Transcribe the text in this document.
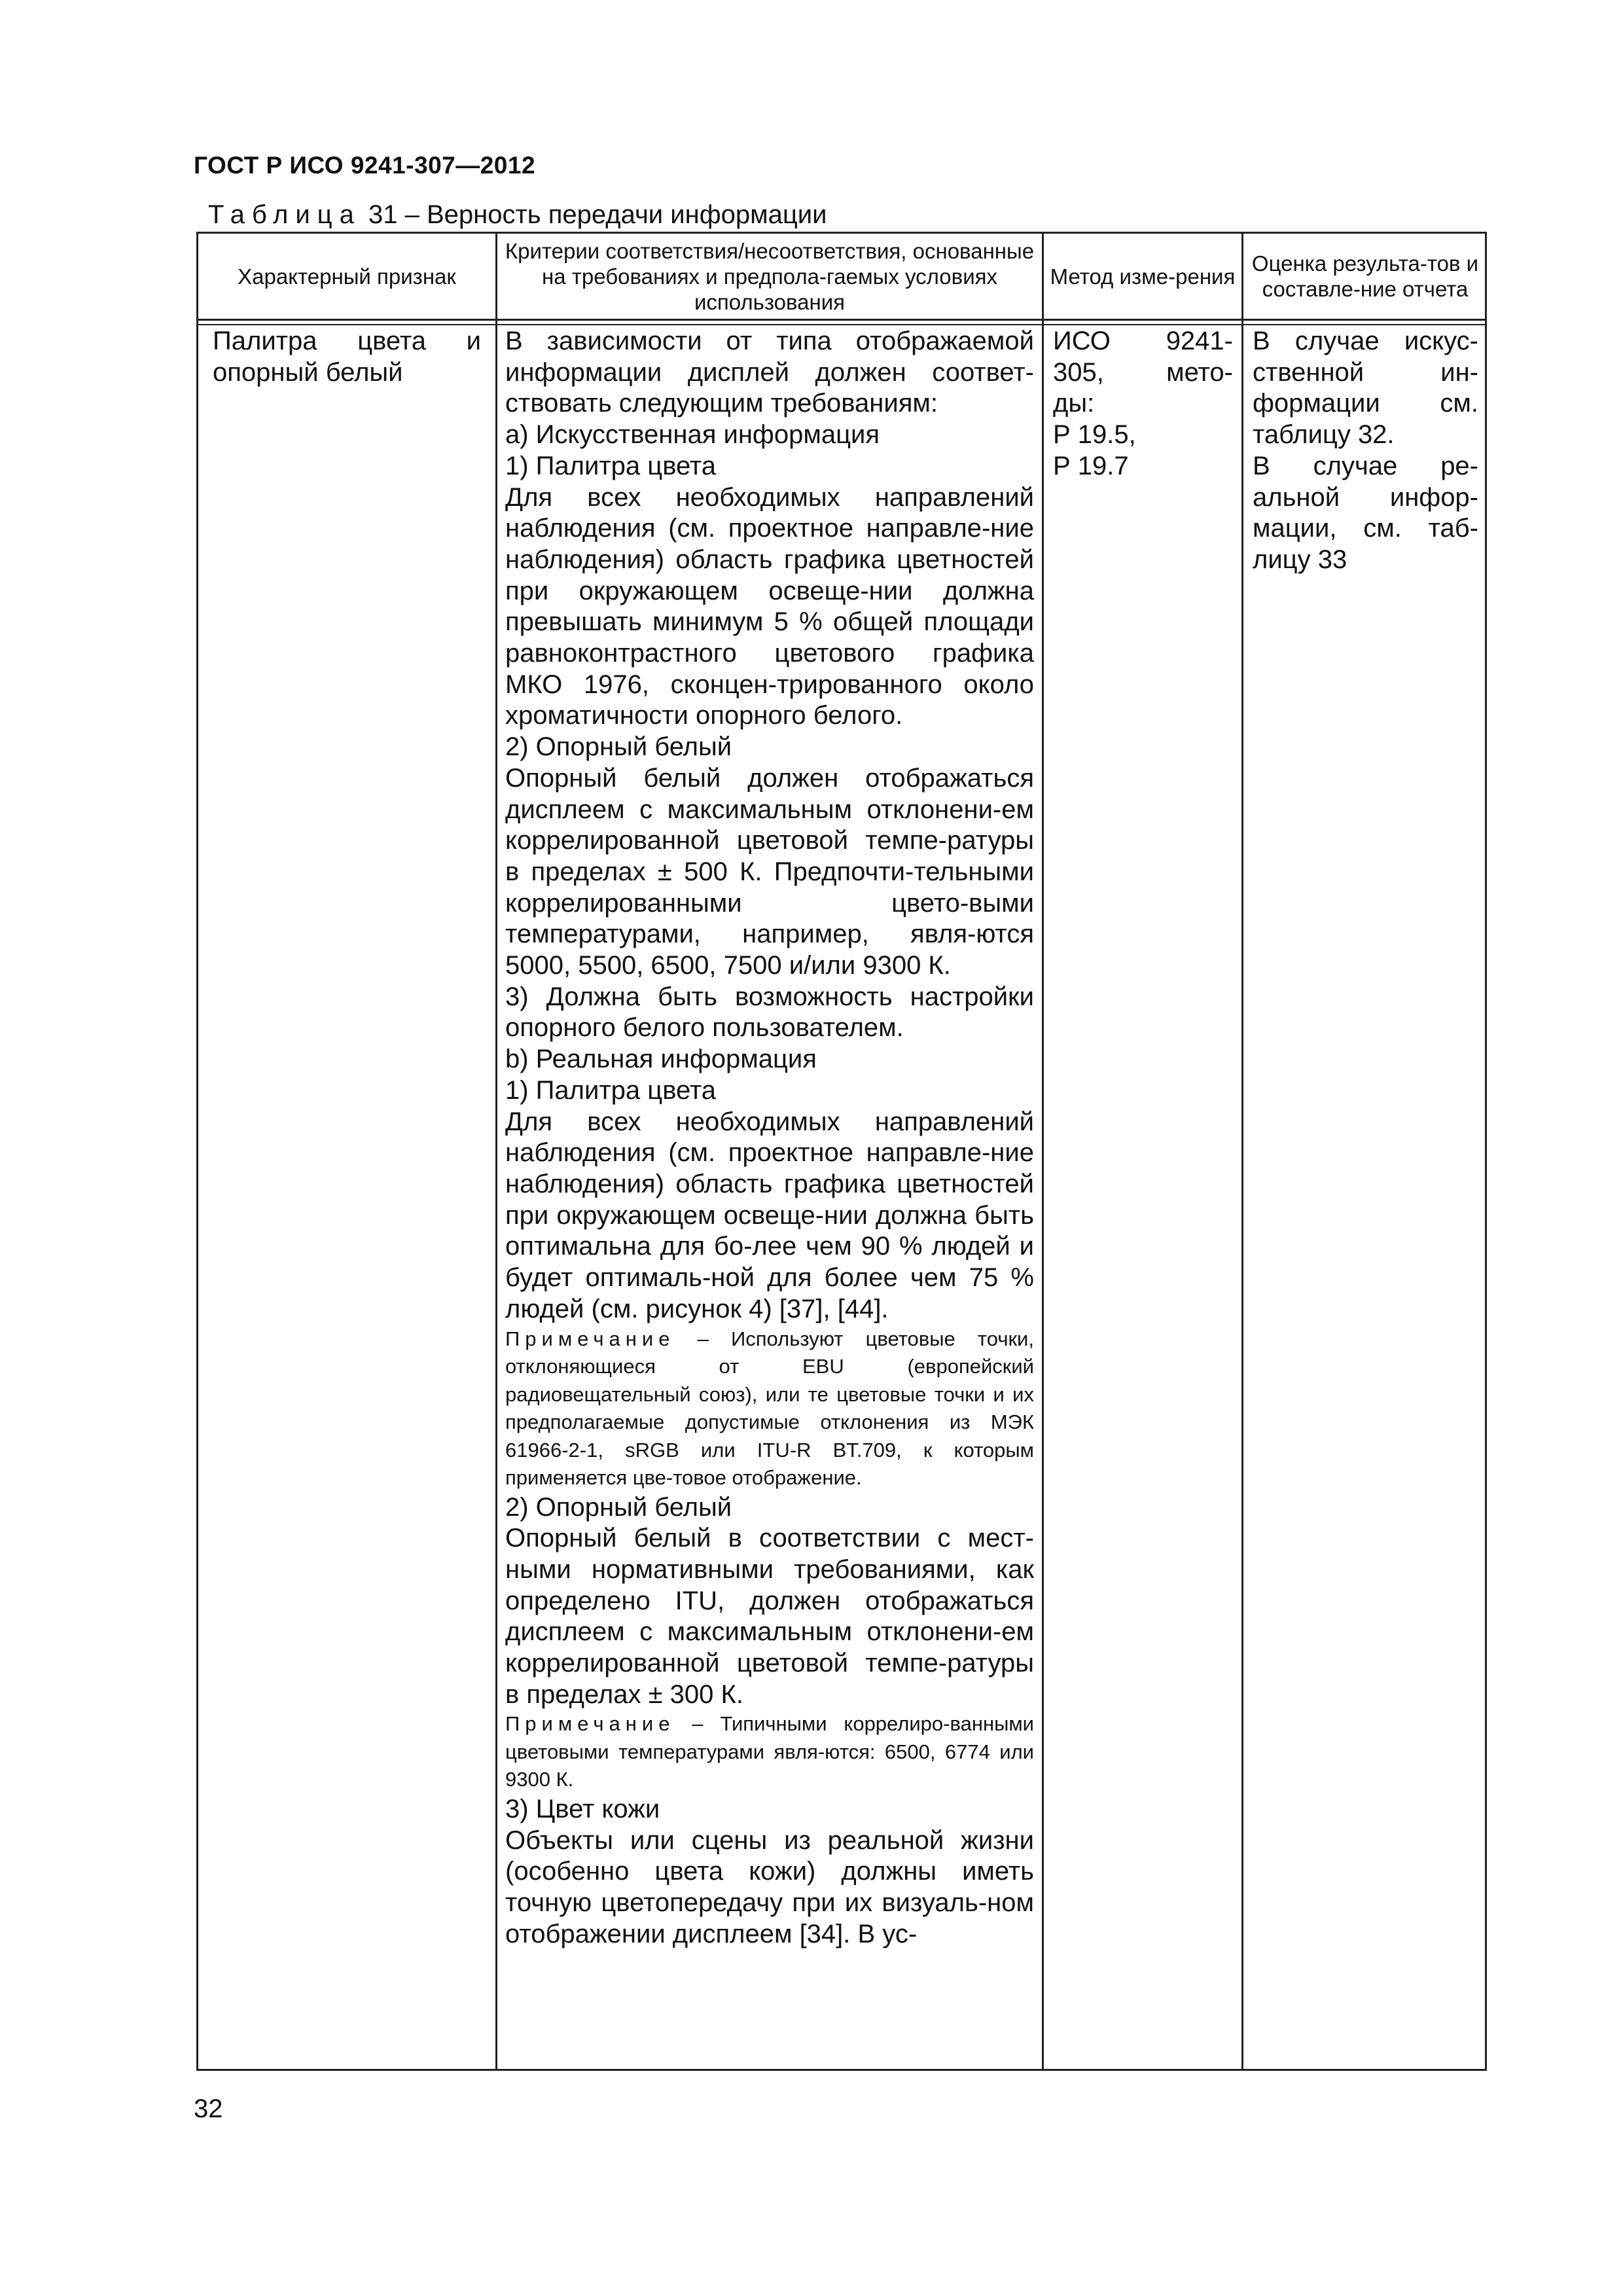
ГОСТ Р ИСО 9241-307—2012
Таблица 31 – Верность передачи информации
Характерный признак
Критерии соответствия/несоответствия, основанные на требованиях и предпола-гаемых условиях использования
Метод изме-рения
Оценка результа-тов и составле-ние отчета

Палитра цвета и

опорный белый

В зависимости от типа отображаемой информации дисплей должен соответ-ствовать следующим требованиям:

a) Искусственная информация

1) Палитра цвета

Для всех необходимых направлений наблюдения (см. проектное направле-ние наблюдения) область графика цветностей при окружающем освеще-нии должна превышать минимум 5 % общей площади равноконтрастного цветового графика МКО 1976, сконцен-трированного около хроматичности опорного белого.

2) Опорный белый

Опорный белый должен отображаться дисплеем с максимальным отклонени-ем коррелированной цветовой темпе-ратуры в пределах ± 500 К. Предпочти-тельными коррелированными цвето-выми температурами, например, явля-ются 5000, 5500, 6500, 7500 и/или 9300 К.

3) Должна быть возможность настройки опорного белого пользователем.

b) Реальная информация

1) Палитра цвета

Для всех необходимых направлений наблюдения (см. проектное направле-ние наблюдения) область графика цветностей при окружающем освеще-нии должна быть оптимальна для бо-лее чем 90 % людей и будет оптималь-ной для более чем 75 % людей (см. рисунок 4) [37], [44].

Примечание – Используют цветовые точки, отклоняющиеся от EBU (европейский радиовещательный союз), или те цветовые точки и их предполагаемые допустимые отклонения из МЭК 61966-2-1, sRGB или ITU-R BT.709, к которым применяется цве-товое отображение.

2) Опорный белый

Опорный белый в соответствии с мест-ными нормативными требованиями, как определено ITU, должен отображаться дисплеем с максимальным отклонени-ем коррелированной цветовой темпе-ратуры в пределах ± 300 К.

Примечание – Типичными коррелиро-ванными цветовыми температурами явля-ются: 6500, 6774 или 9300 К.

3) Цвет кожи

Объекты или сцены из реальной жизни (особенно цвета кожи) должны иметь точную цветопередачу при их визуаль-ном отображении дисплеем [34]. В ус-

ИСО 9241-

305, мето-

ды:

Р 19.5,

Р 19.7

В случае искус-ственной ин-формации см. таблицу 32.

В случае ре-альной инфор-мации, см. таб-лицу 33

32
